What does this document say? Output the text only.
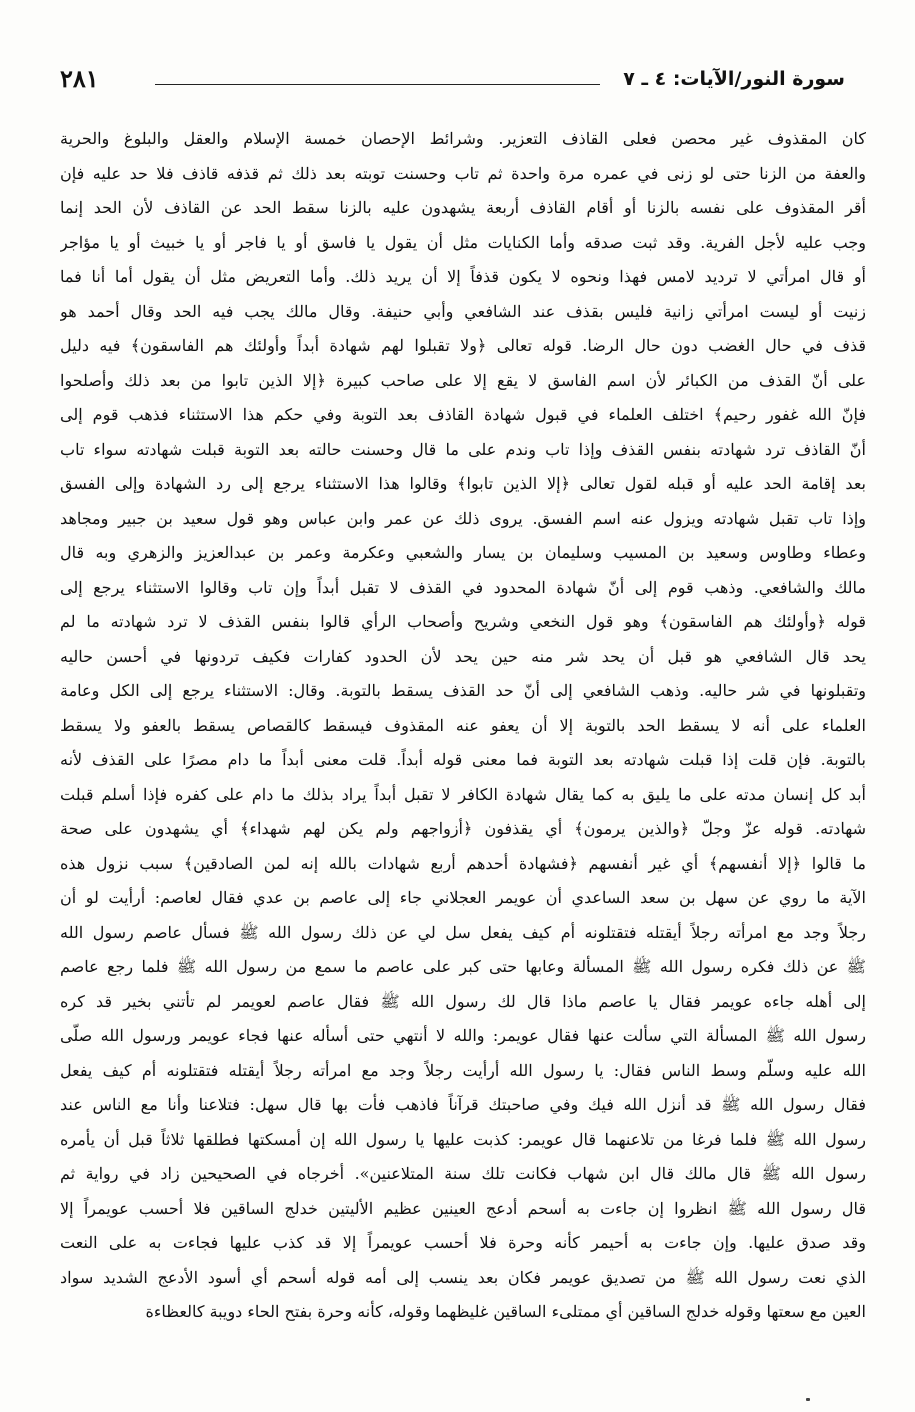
سورة النور/الآيات: ٤ ـ ٧
٢٨١
كان المقذوف غير محصن فعلى القاذف التعزير. وشرائط الإحصان خمسة الإسلام والعقل والبلوغ والحرية
والعفة من الزنا حتى لو زنى في عمره مرة واحدة ثم تاب وحسنت توبته بعد ذلك ثم قذفه قاذف فلا حد عليه فإن
أقر المقذوف على نفسه بالزنا أو أقام القاذف أربعة يشهدون عليه بالزنا سقط الحد عن القاذف لأن الحد إنما
وجب عليه لأجل الفرية. وقد ثبت صدقه وأما الكنايات مثل أن يقول يا فاسق أو يا فاجر أو يا خبيث أو يا مؤاجر
أو قال امرأتي لا ترديد لامس فهذا ونحوه لا يكون قذفاً إلا أن يريد ذلك. وأما التعريض مثل أن يقول أما أنا فما
زنيت أو ليست امرأتي زانية فليس بقذف عند الشافعي وأبي حنيفة. وقال مالك يجب فيه الحد وقال أحمد هو
قذف في حال الغضب دون حال الرضا. قوله تعالى ﴿ولا تقبلوا لهم شهادة أبداً وأولئك هم الفاسقون﴾ فيه دليل
على أنّ القذف من الكبائر لأن اسم الفاسق لا يقع إلا على صاحب كبيرة ﴿إلا الذين تابوا من بعد ذلك وأصلحوا
فإنّ الله غفور رحيم﴾ اختلف العلماء في قبول شهادة القاذف بعد التوبة وفي حكم هذا الاستثناء فذهب قوم إلى
أنّ القاذف ترد شهادته بنفس القذف وإذا تاب وندم على ما قال وحسنت حالته بعد التوبة قبلت شهادته سواء تاب
بعد إقامة الحد عليه أو قبله لقول تعالى ﴿إلا الذين تابوا﴾ وقالوا هذا الاستثناء يرجع إلى رد الشهادة وإلى الفسق
وإذا تاب تقبل شهادته ويزول عنه اسم الفسق. يروى ذلك عن عمر وابن عباس وهو قول سعيد بن جبير ومجاهد
وعطاء وطاوس وسعيد بن المسيب وسليمان بن يسار والشعبي وعكرمة وعمر بن عبدالعزيز والزهري وبه قال
مالك والشافعي. وذهب قوم إلى أنّ شهادة المحدود في القذف لا تقبل أبداً وإن تاب وقالوا الاستثناء يرجع إلى
قوله ﴿وأولئك هم الفاسقون﴾ وهو قول النخعي وشريح وأصحاب الرأي قالوا بنفس القذف لا ترد شهادته ما لم
يحد قال الشافعي هو قبل أن يحد شر منه حين يحد لأن الحدود كفارات فكيف تردونها في أحسن حاليه
وتقبلونها في شر حاليه. وذهب الشافعي إلى أنّ حد القذف يسقط بالتوبة. وقال: الاستثناء يرجع إلى الكل وعامة
العلماء على أنه لا يسقط الحد بالتوبة إلا أن يعفو عنه المقذوف فيسقط كالقصاص يسقط بالعفو ولا يسقط
بالتوبة. فإن قلت إذا قبلت شهادته بعد التوبة فما معنى قوله أبداً. قلت معنى أبداً ما دام مصرًا على القذف لأنه
أبد كل إنسان مدته على ما يليق به كما يقال شهادة الكافر لا تقبل أبداً يراد بذلك ما دام على كفره فإذا أسلم قبلت
شهادته. قوله عزّ وجلّ ﴿والذين يرمون﴾ أي يقذفون ﴿أزواجهم ولم يكن لهم شهداء﴾ أي يشهدون على صحة
ما قالوا ﴿إلا أنفسهم﴾ أي غير أنفسهم ﴿فشهادة أحدهم أربع شهادات بالله إنه لمن الصادقين﴾ سبب نزول هذه
الآية ما روي عن سهل بن سعد الساعدي أن عويمر العجلاني جاء إلى عاصم بن عدي فقال لعاصم: أرأيت لو أن
رجلاً وجد مع امرأته رجلاً أيقتله فتقتلونه أم كيف يفعل سل لي عن ذلك رسول الله ﷺ فسأل عاصم رسول الله
ﷺ عن ذلك فكره رسول الله ﷺ المسألة وعابها حتى كبر على عاصم ما سمع من رسول الله ﷺ فلما رجع عاصم
إلى أهله جاءه عويمر فقال يا عاصم ماذا قال لك رسول الله ﷺ فقال عاصم لعويمر لم تأتني بخير قد كره
رسول الله ﷺ المسألة التي سألت عنها فقال عويمر: والله لا أنتهي حتى أسأله عنها فجاء عويمر ورسول الله صلّى
الله عليه وسلّم وسط الناس فقال: يا رسول الله أرأيت رجلاً وجد مع امرأته رجلاً أيقتله فتقتلونه أم كيف يفعل
فقال رسول الله ﷺ قد أنزل الله فيك وفي صاحبتك قرآناً فاذهب فأت بها قال سهل: فتلاعنا وأنا مع الناس عند
رسول الله ﷺ فلما فرغا من تلاعنهما قال عويمر: كذبت عليها يا رسول الله إن أمسكتها فطلقها ثلاثاً قبل أن يأمره
رسول الله ﷺ قال مالك قال ابن شهاب فكانت تلك سنة المتلاعنين». أخرجاه في الصحيحين زاد في رواية ثم
قال رسول الله ﷺ انظروا إن جاءت به أسحم أدعج العينين عظيم الأليتين خدلج الساقين فلا أحسب عويمراً إلا
وقد صدق عليها. وإن جاءت به أحيمر كأنه وحرة فلا أحسب عويمراً إلا قد كذب عليها فجاءت به على النعت
الذي نعت رسول الله ﷺ من تصديق عويمر فكان بعد ينسب إلى أمه قوله أسحم أي أسود الأدعج الشديد سواد
العين مع سعتها وقوله خدلج الساقين أي ممتلىء الساقين غليظهما وقوله، كأنه وحرة بفتح الحاء دويبة كالعظاءة
